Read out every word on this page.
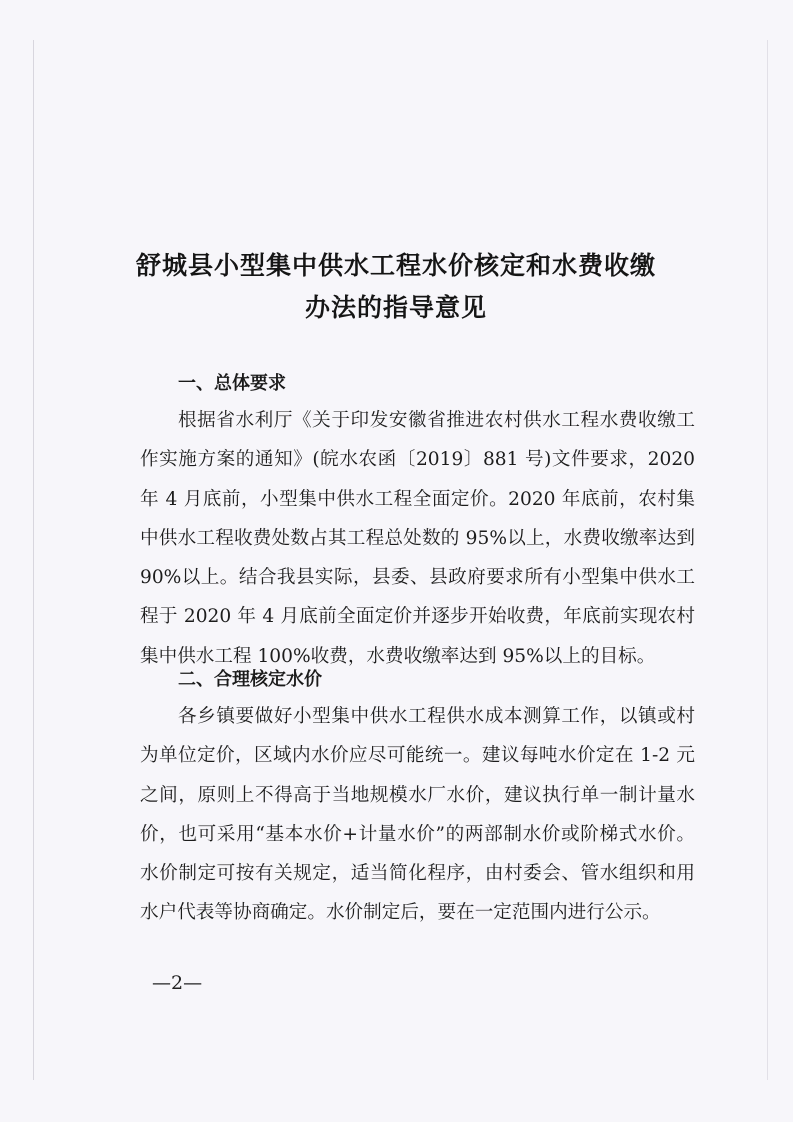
舒城县小型集中供水工程水价核定和水费收缴
办法的指导意见
一、总体要求
根据省水利厅《关于印发安徽省推进农村供水工程水费收缴工作实施方案的通知》(皖水农函〔2019〕881 号)文件要求，2020 年 4 月底前，小型集中供水工程全面定价。2020 年底前，农村集中供水工程收费处数占其工程总处数的 95%以上，水费收缴率达到 90%以上。结合我县实际，县委、县政府要求所有小型集中供水工程于 2020 年 4 月底前全面定价并逐步开始收费，年底前实现农村集中供水工程 100%收费，水费收缴率达到 95%以上的目标。
二、合理核定水价
各乡镇要做好小型集中供水工程供水成本测算工作，以镇或村为单位定价，区域内水价应尽可能统一。建议每吨水价定在 1-2 元之间，原则上不得高于当地规模水厂水价，建议执行单一制计量水价，也可采用“基本水价+计量水价”的两部制水价或阶梯式水价。水价制定可按有关规定，适当简化程序，由村委会、管水组织和用水户代表等协商确定。水价制定后，要在一定范围内进行公示。
—2—
